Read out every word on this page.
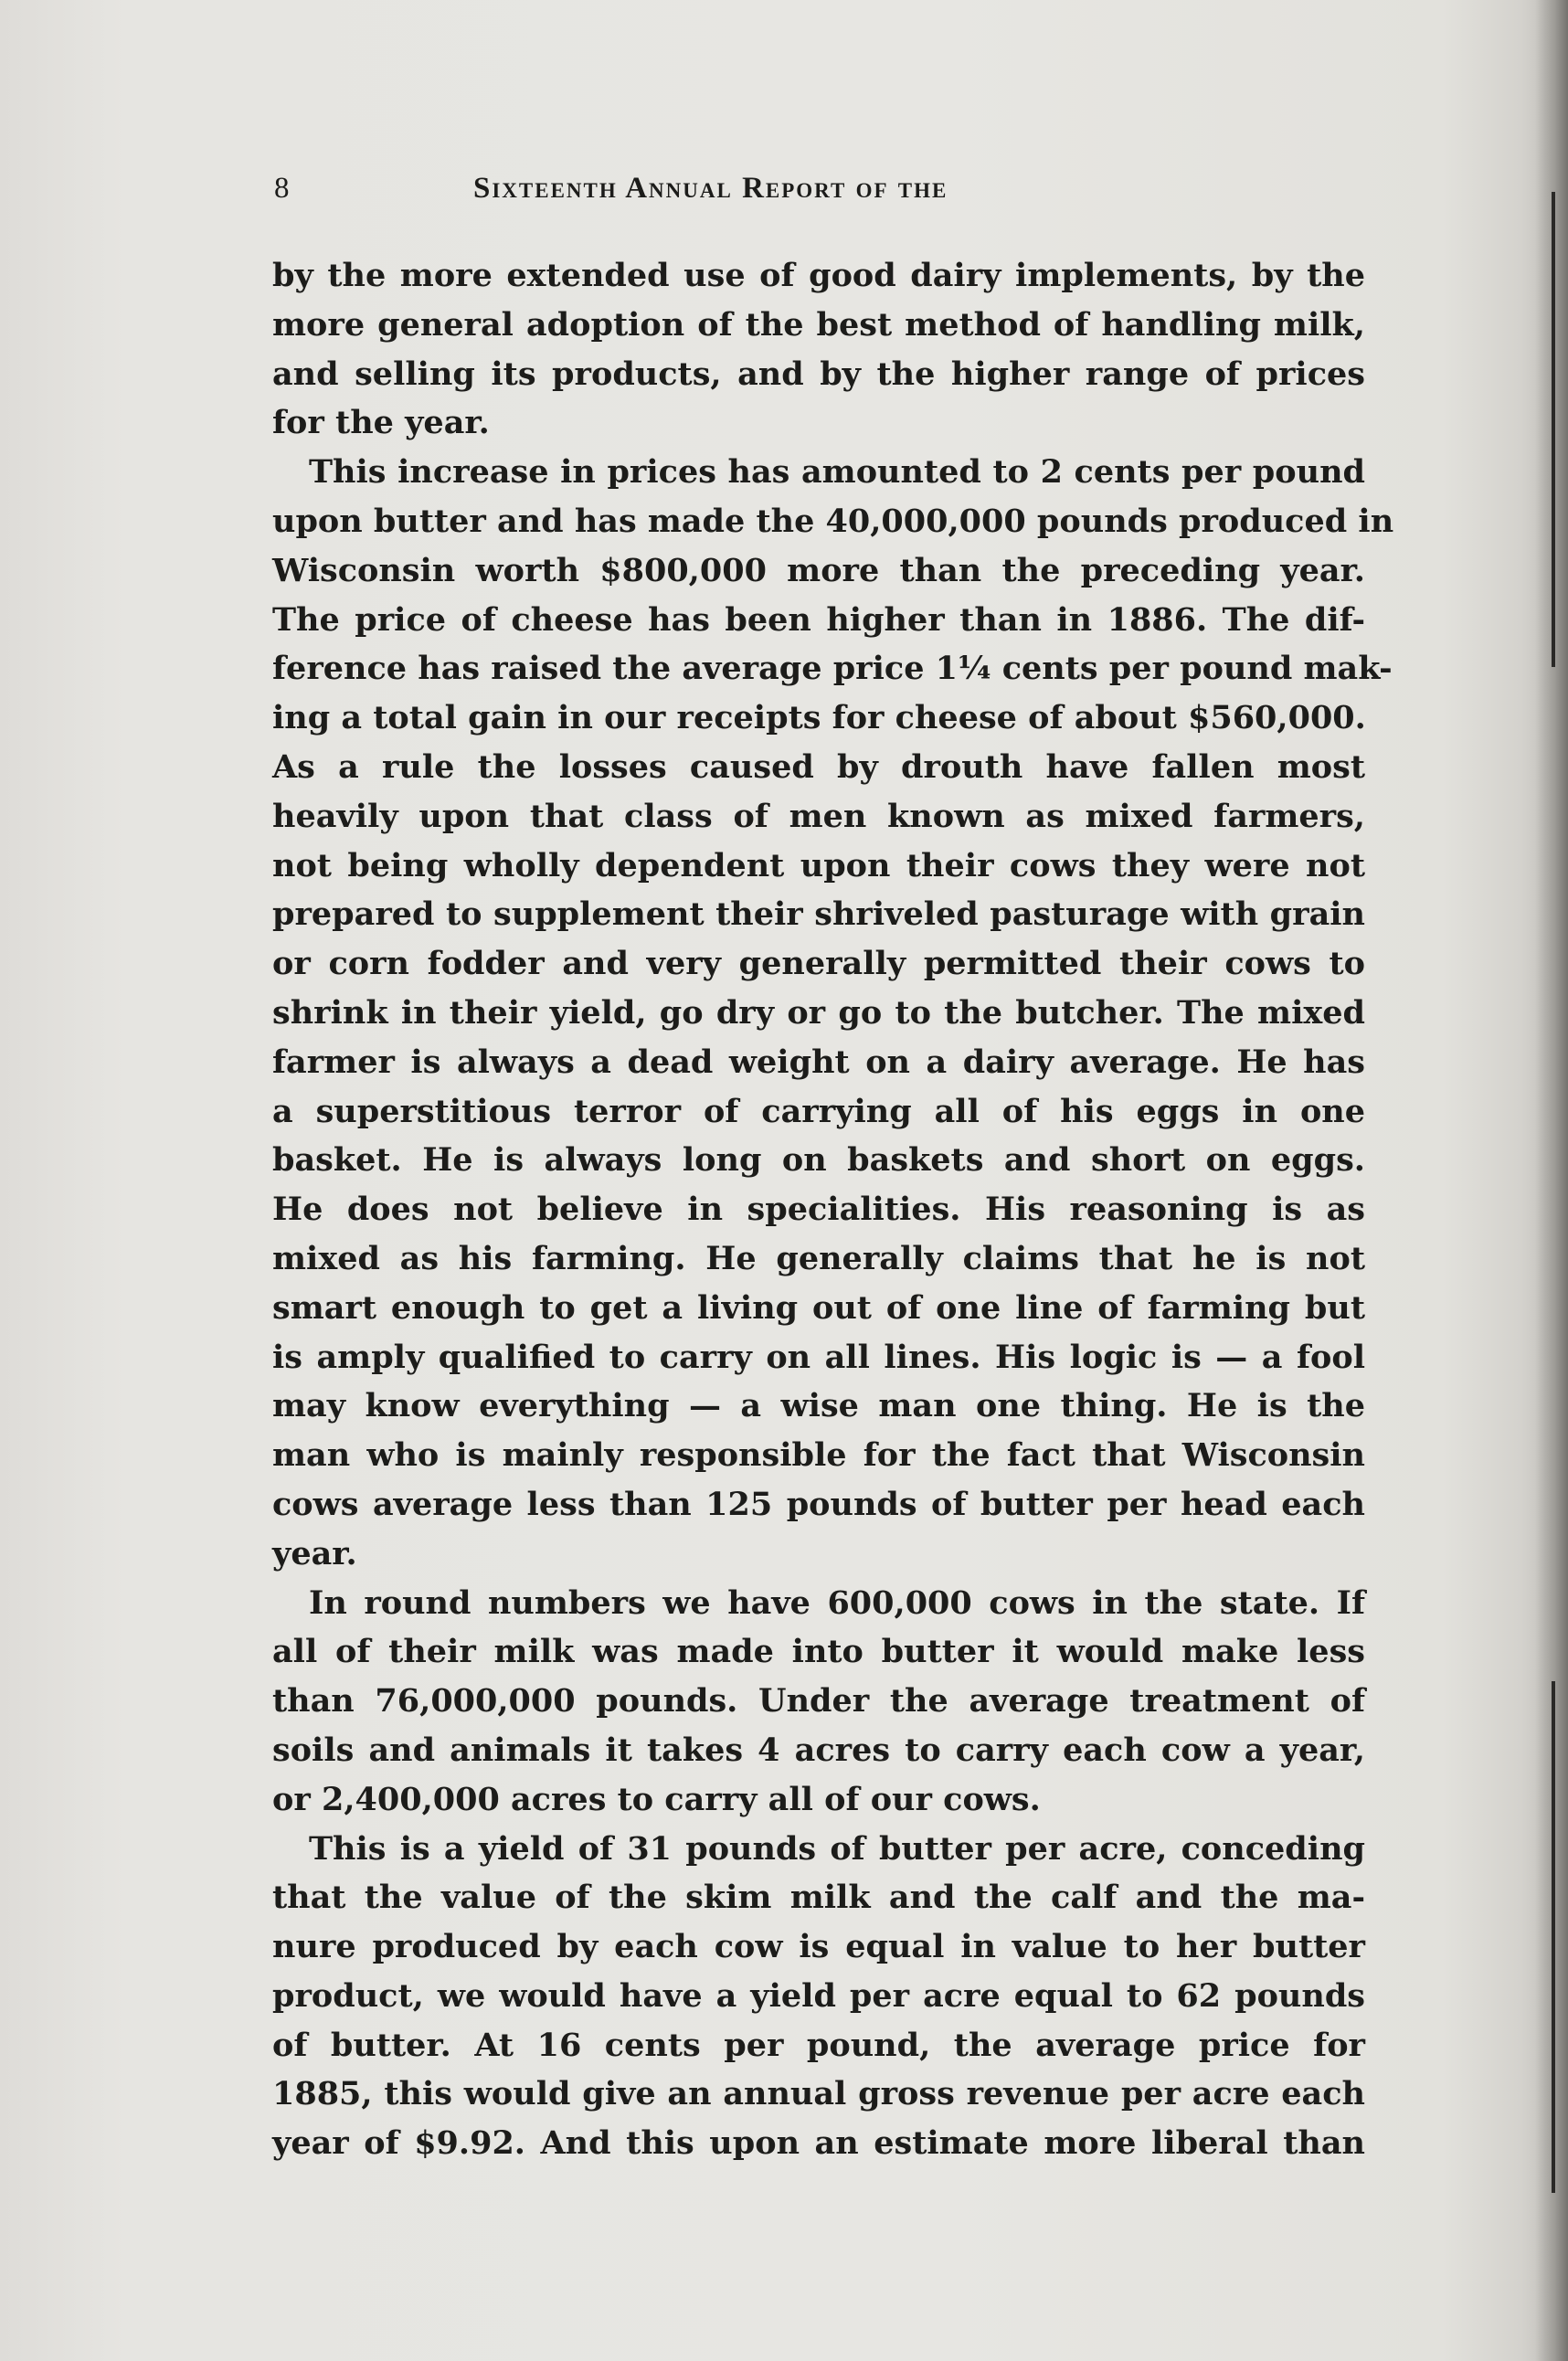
8	Sixteenth Annual Report of the
by the more extended use of good dairy implements, by the
more general adoption of the best method of handling milk,
and selling its products, and by the higher range of prices
for the year.
This increase in prices has amounted to 2 cents per pound
upon butter and has made the 40,000,000 pounds produced in
Wisconsin worth $800,000 more than the preceding year.
The price of cheese has been higher than in 1886. The dif-
ference has raised the average price 1¼ cents per pound mak-
ing a total gain in our receipts for cheese of about $560,000.
As a rule the losses caused by drouth have fallen most
heavily upon that class of men known as mixed farmers,
not being wholly dependent upon their cows they were not
prepared to supplement their shriveled pasturage with grain
or corn fodder and very generally permitted their cows to
shrink in their yield, go dry or go to the butcher. The mixed
farmer is always a dead weight on a dairy average. He has
a superstitious terror of carrying all of his eggs in one
basket. He is always long on baskets and short on eggs.
He does not believe in specialities. His reasoning is as
mixed as his farming. He generally claims that he is not
smart enough to get a living out of one line of farming but
is amply qualified to carry on all lines. His logic is — a fool
may know everything — a wise man one thing. He is the
man who is mainly responsible for the fact that Wisconsin
cows average less than 125 pounds of butter per head each
year.
In round numbers we have 600,000 cows in the state. If
all of their milk was made into butter it would make less
than 76,000,000 pounds. Under the average treatment of
soils and animals it takes 4 acres to carry each cow a year,
or 2,400,000 acres to carry all of our cows.
This is a yield of 31 pounds of butter per acre, conceding
that the value of the skim milk and the calf and the ma-
nure produced by each cow is equal in value to her butter
product, we would have a yield per acre equal to 62 pounds
of butter. At 16 cents per pound, the average price for
1885, this would give an annual gross revenue per acre each
year of $9.92. And this upon an estimate more liberal than
